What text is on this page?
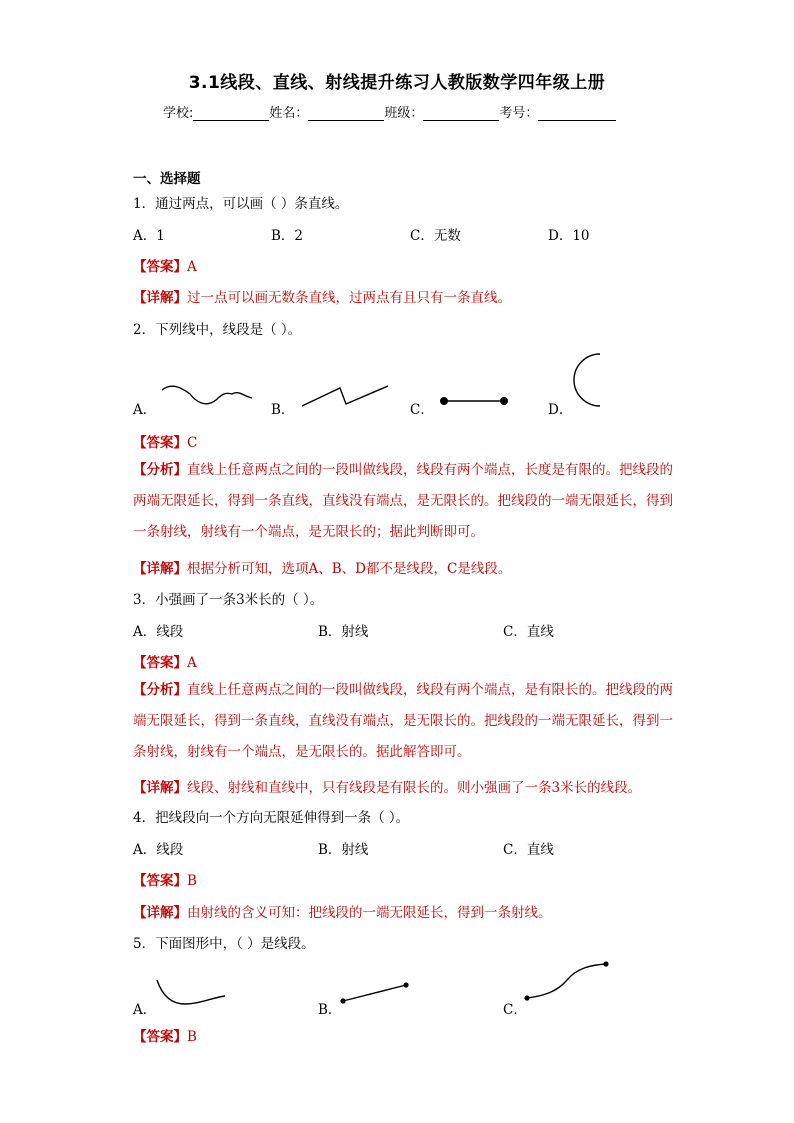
3.1线段、直线、射线提升练习人教版数学四年级上册
学校:	姓名：	班级：	考号：
一、选择题
1．通过两点，可以画（ ）条直线。
A．1	B．2	C．无数	D．10
【答案】A
【详解】过一点可以画无数条直线，过两点有且只有一条直线。
2．下列线中，线段是（ ）。
A．	B．	C．	D．
【答案】C
【分析】直线上任意两点之间的一段叫做线段，线段有两个端点，长度是有限的。把线段的两端无限延长，得到一条直线，直线没有端点，是无限长的。把线段的一端无限延长，得到一条射线，射线有一个端点，是无限长的；据此判断即可。
【详解】根据分析可知，选项A、B、D都不是线段，C是线段。
3．小强画了一条3米长的（ ）。
A．线段	B．射线	C．直线
【答案】A
【分析】直线上任意两点之间的一段叫做线段，线段有两个端点，是有限长的。把线段的两端无限延长，得到一条直线，直线没有端点，是无限长的。把线段的一端无限延长，得到一条射线，射线有一个端点，是无限长的。据此解答即可。
【详解】线段、射线和直线中，只有线段是有限长的。则小强画了一条3米长的线段。
4．把线段向一个方向无限延伸得到一条（ ）。
A．线段	B．射线	C．直线
【答案】B
【详解】由射线的含义可知：把线段的一端无限延长，得到一条射线。
5．下面图形中，（ ）是线段。
A．	B．	C．
【答案】B
